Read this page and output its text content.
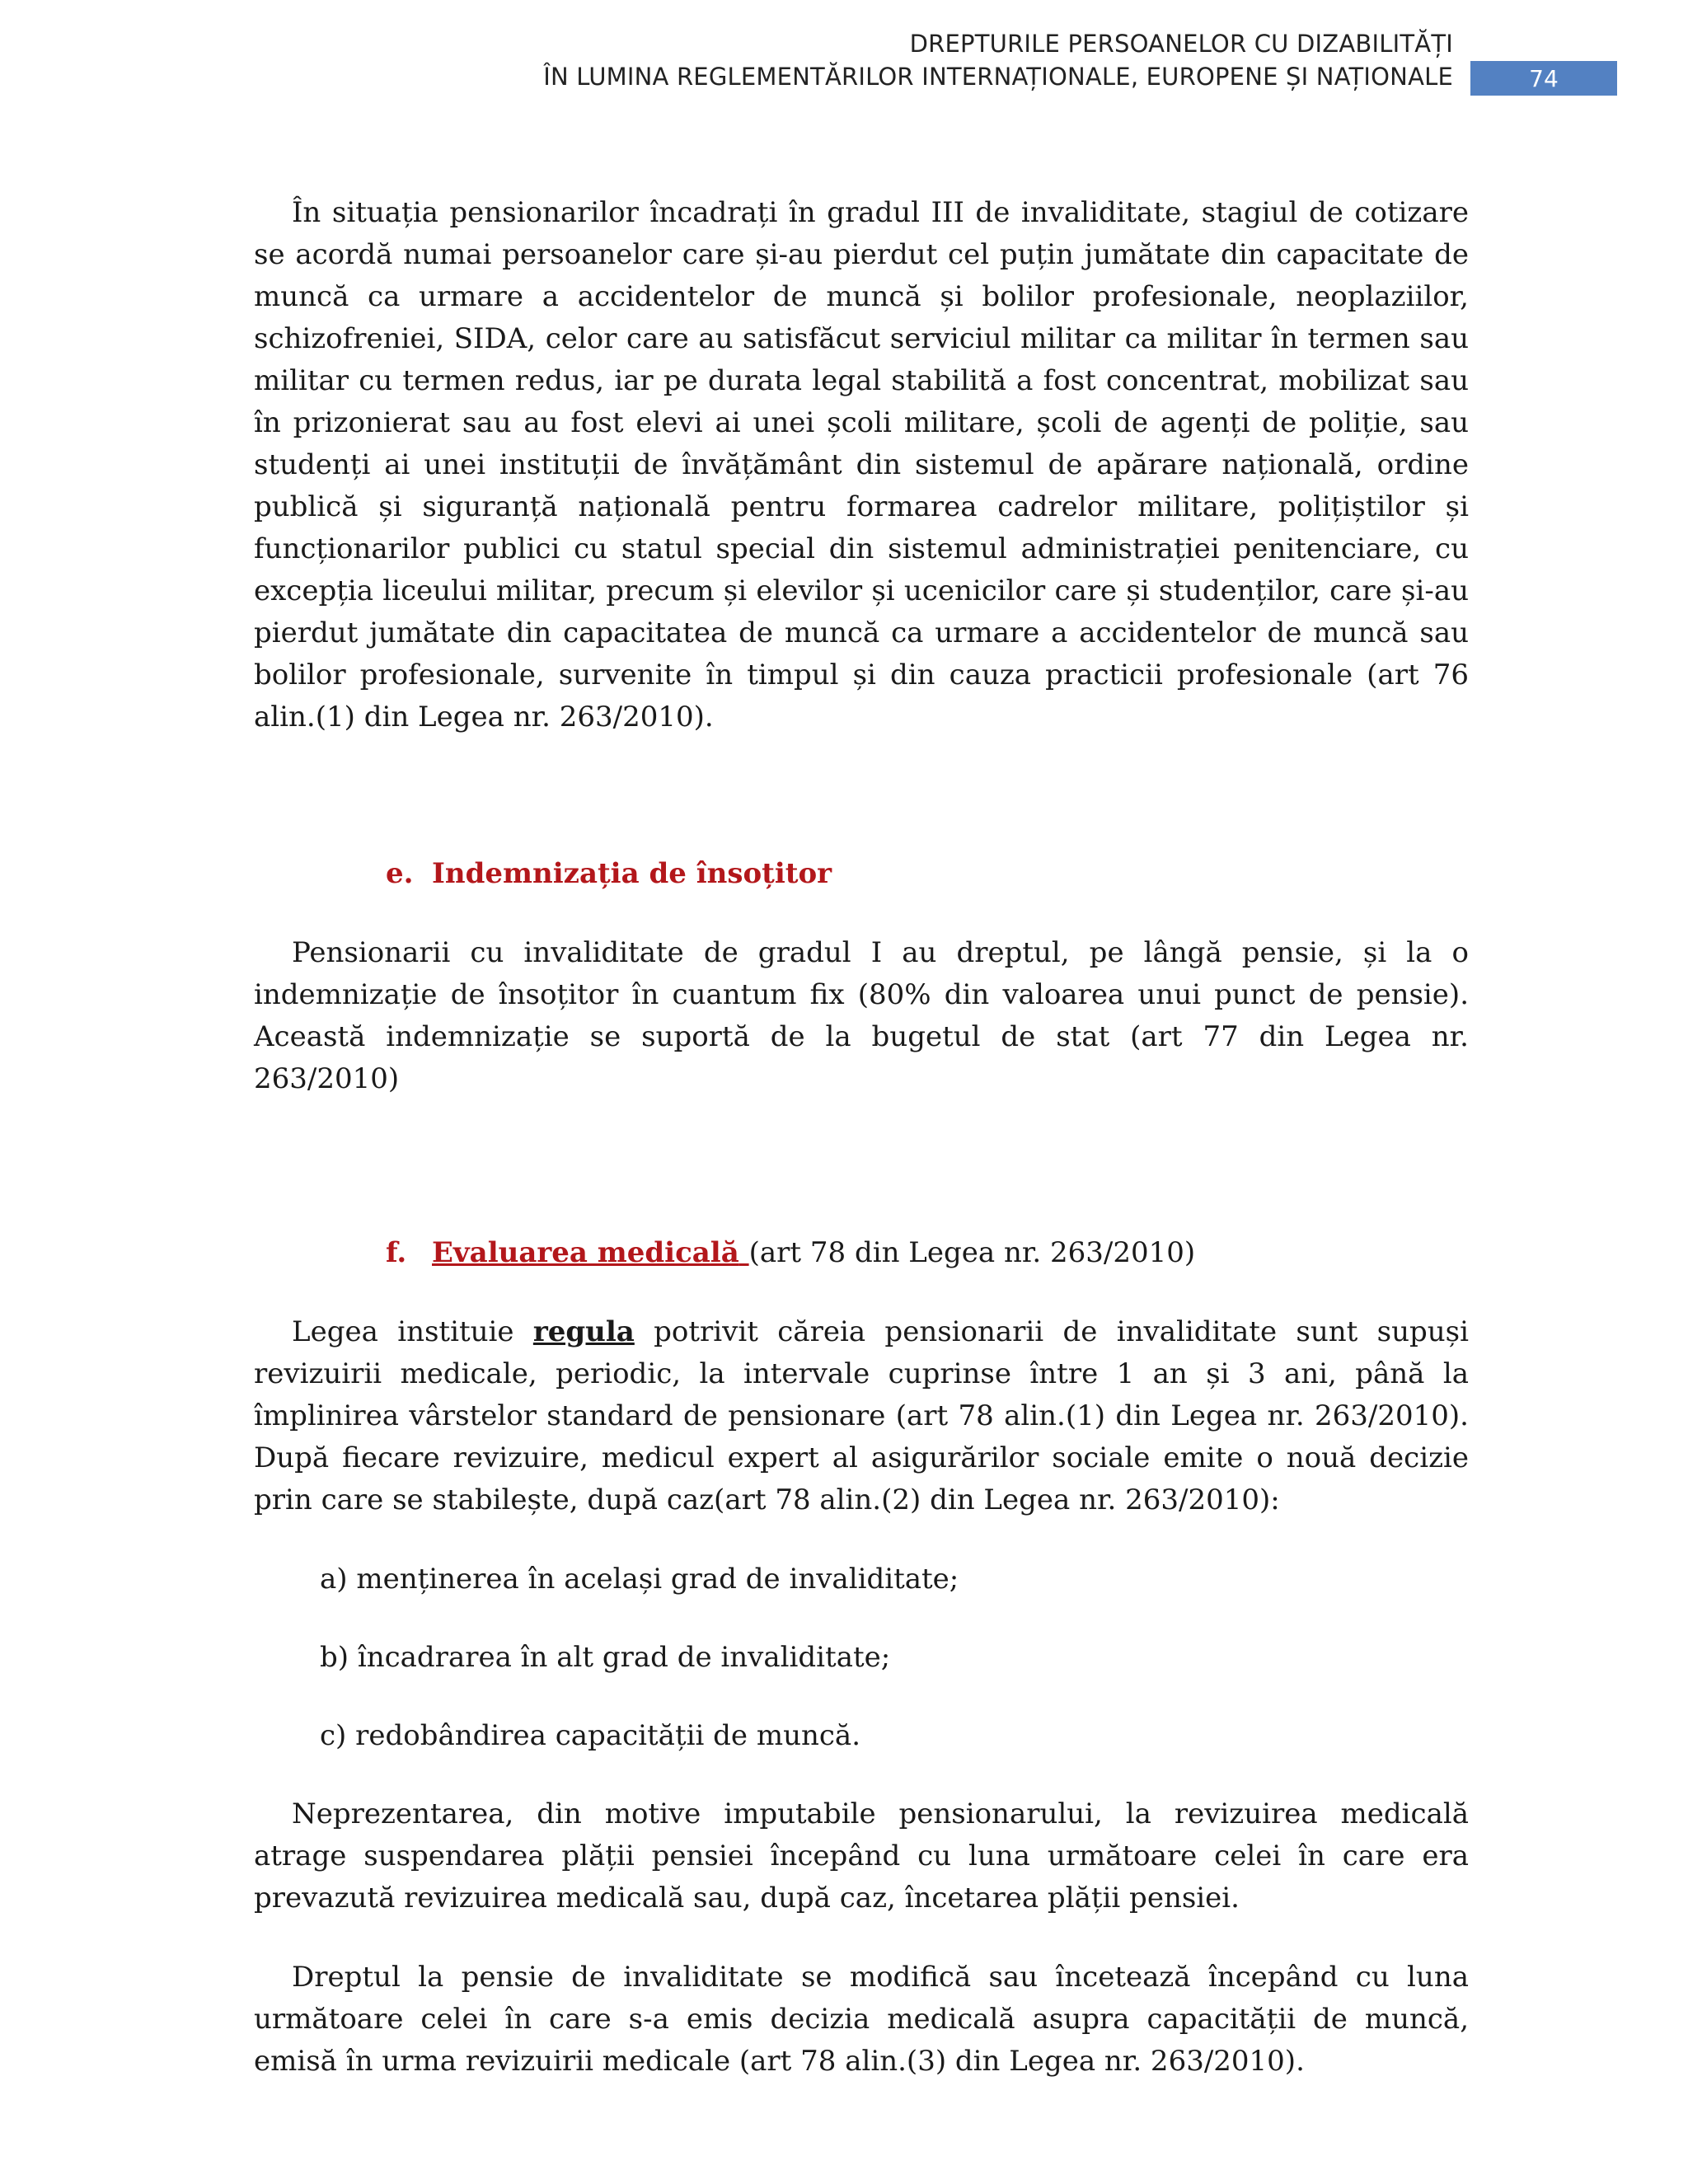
DREPTURILE PERSOANELOR CU DIZABILITĂȚI
ÎN LUMINA REGLEMENTĂRILOR INTERNAȚIONALE, EUROPENE ȘI NAȚIONALE	74

În situația pensionarilor încadrați în gradul III de invaliditate, stagiul de cotizare se acordă numai persoanelor care și-au pierdut cel puțin jumătate din capacitate de muncă ca urmare a accidentelor de muncă și bolilor profesionale, neoplaziilor, schizofreniei, SIDA, celor care au satisfăcut serviciul militar ca militar în termen sau militar cu termen redus, iar pe durata legal stabilită a fost concentrat, mobilizat sau în prizonierat sau au fost elevi ai unei școli militare, școli de agenți de poliție, sau studenți ai unei instituții de învățământ din sistemul de apărare națională, ordine publică și siguranță națională pentru formarea cadrelor militare, polițiștilor și funcționarilor publici cu statul special din sistemul administrației penitenciare, cu excepția liceului militar, precum și elevilor și ucenicilor care și studenților, care și-au pierdut jumătate din capacitatea de muncă ca urmare a accidentelor de muncă sau bolilor profesionale, survenite în timpul și din cauza practicii profesionale (art 76 alin.(1) din Legea nr. 263/2010).

e. Indemnizația de însoțitor

Pensionarii cu invaliditate de gradul I au dreptul, pe lângă pensie, și la o indemnizație de însoțitor în cuantum fix (80% din valoarea unui punct de pensie). Această indemnizație se suportă de la bugetul de stat (art 77 din Legea nr. 263/2010)

f. Evaluarea medicală (art 78 din Legea nr. 263/2010)

Legea instituie regula potrivit căreia pensionarii de invaliditate sunt supuși revizuirii medicale, periodic, la intervale cuprinse între 1 an și 3 ani, până la împlinirea vârstelor standard de pensionare (art 78 alin.(1) din Legea nr. 263/2010). După fiecare revizuire, medicul expert al asigurărilor sociale emite o nouă decizie prin care se stabilește, după caz(art 78 alin.(2) din Legea nr. 263/2010):

a) menținerea în același grad de invaliditate;

b) încadrarea în alt grad de invaliditate;

c) redobândirea capacității de muncă.

Neprezentarea, din motive imputabile pensionarului, la revizuirea medicală atrage suspendarea plății pensiei începând cu luna următoare celei în care era prevazută revizuirea medicală sau, după caz, încetarea plății pensiei.

Dreptul la pensie de invaliditate se modifică sau încetează începând cu luna următoare celei în care s-a emis decizia medicală asupra capacității de muncă, emisă în urma revizuirii medicale (art 78 alin.(3) din Legea nr. 263/2010).
